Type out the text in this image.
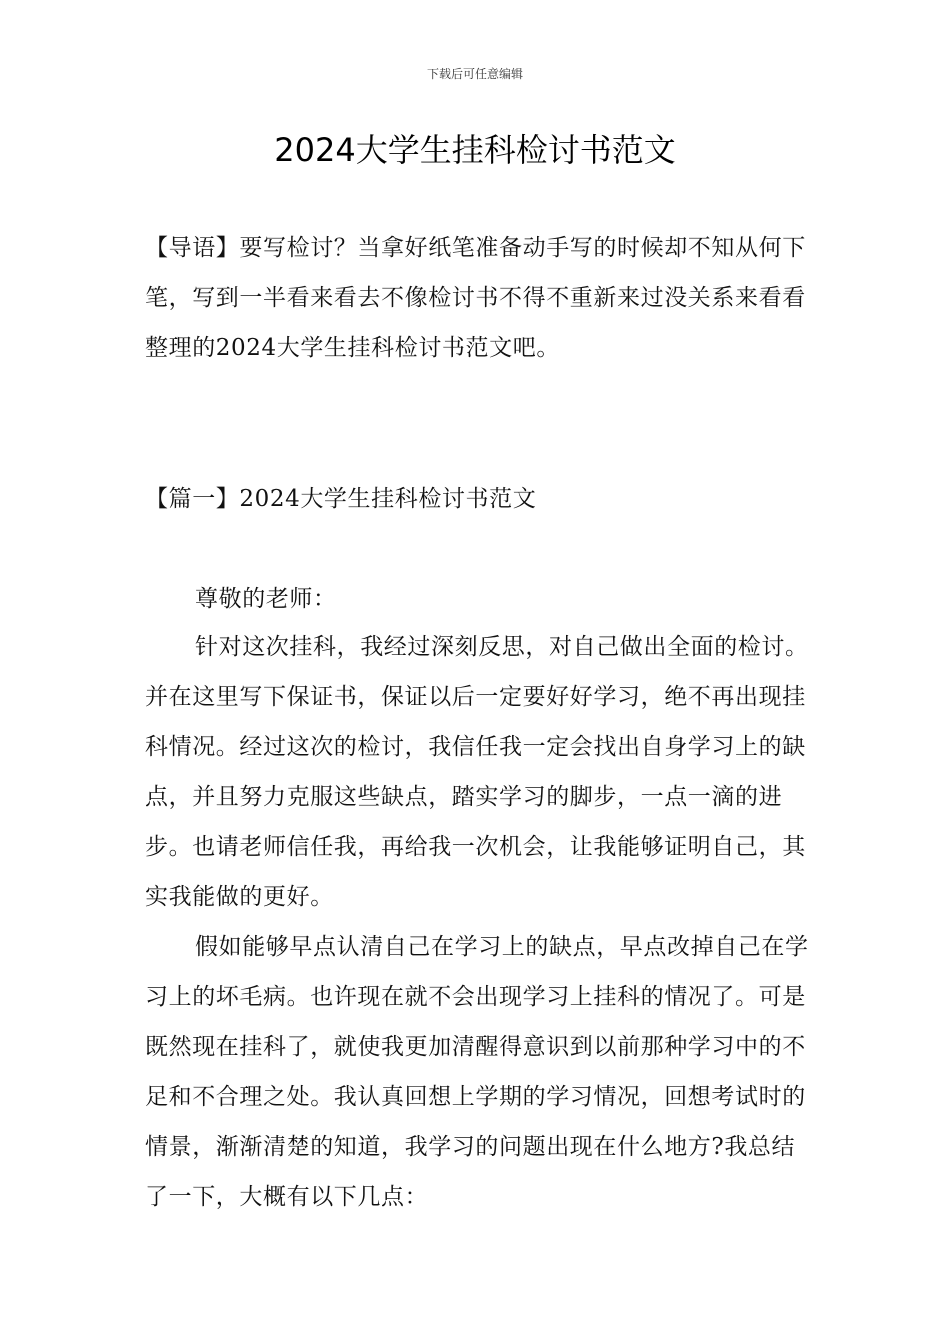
下载后可任意编辑
2024大学生挂科检讨书范文

【导语】要写检讨？当拿好纸笔准备动手写的时候却不知从何下笔，写到一半看来看去不像检讨书不得不重新来过没关系来看看整理的2024大学生挂科检讨书范文吧。

【篇一】2024大学生挂科检讨书范文

尊敬的老师：

针对这次挂科，我经过深刻反思，对自己做出全面的检讨。并在这里写下保证书，保证以后一定要好好学习，绝不再出现挂科情况。经过这次的检讨，我信任我一定会找出自身学习上的缺点，并且努力克服这些缺点，踏实学习的脚步，一点一滴的进步。也请老师信任我，再给我一次机会，让我能够证明自己，其实我能做的更好。

假如能够早点认清自己在学习上的缺点，早点改掉自己在学习上的坏毛病。也许现在就不会出现学习上挂科的情况了。可是既然现在挂科了，就使我更加清醒得意识到以前那种学习中的不足和不合理之处。我认真回想上学期的学习情况，回想考试时的情景，渐渐清楚的知道，我学习的问题出现在什么地方?我总结了一下，大概有以下几点：
